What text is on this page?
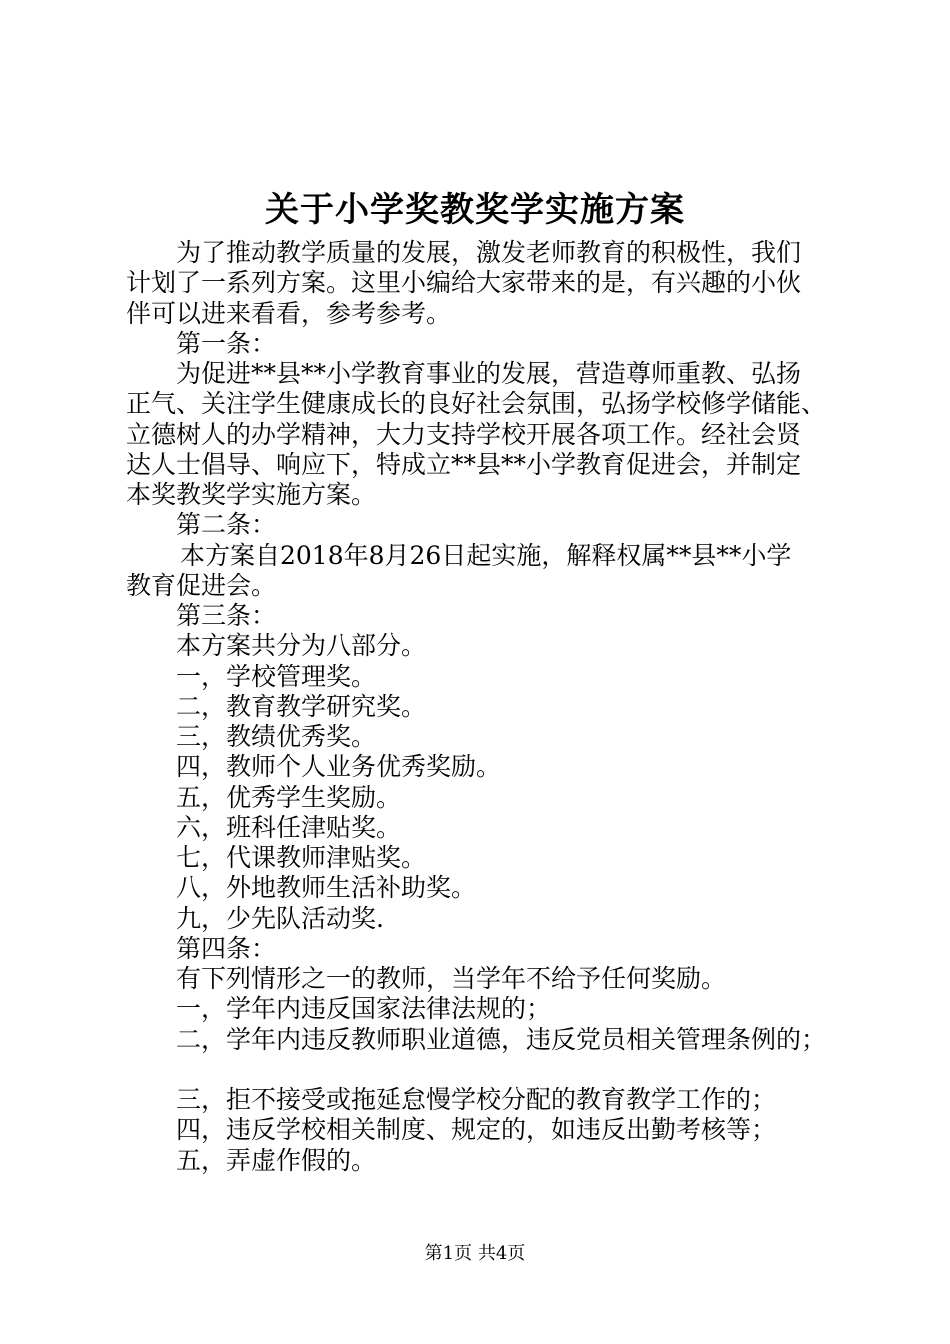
关于小学奖教奖学实施方案
为了推动教学质量的发展，激发老师教育的积极性，我们
计划了一系列方案。这里小编给大家带来的是，有兴趣的小伙
伴可以进来看看，参考参考。
第一条：
为促进**县**小学教育事业的发展，营造尊师重教、弘扬
正气、关注学生健康成长的良好社会氛围，弘扬学校修学储能、
立德树人的办学精神，大力支持学校开展各项工作。经社会贤
达人士倡导、响应下，特成立**县**小学教育促进会，并制定
本奖教奖学实施方案。
第二条：
本方案自2018年8月26日起实施，解释权属**县**小学
教育促进会。
第三条：
本方案共分为八部分。
一，学校管理奖。
二，教育教学研究奖。
三，教绩优秀奖。
四，教师个人业务优秀奖励。
五，优秀学生奖励。
六，班科任津贴奖。
七，代课教师津贴奖。
八，外地教师生活补助奖。
九，少先队活动奖.
第四条：
有下列情形之一的教师，当学年不给予任何奖励。
一，学年内违反国家法律法规的；
二，学年内违反教师职业道德，违反党员相关管理条例的；
三，拒不接受或拖延怠慢学校分配的教育教学工作的；
四，违反学校相关制度、规定的，如违反出勤考核等；
五，弄虚作假的。
第1页 共4页
